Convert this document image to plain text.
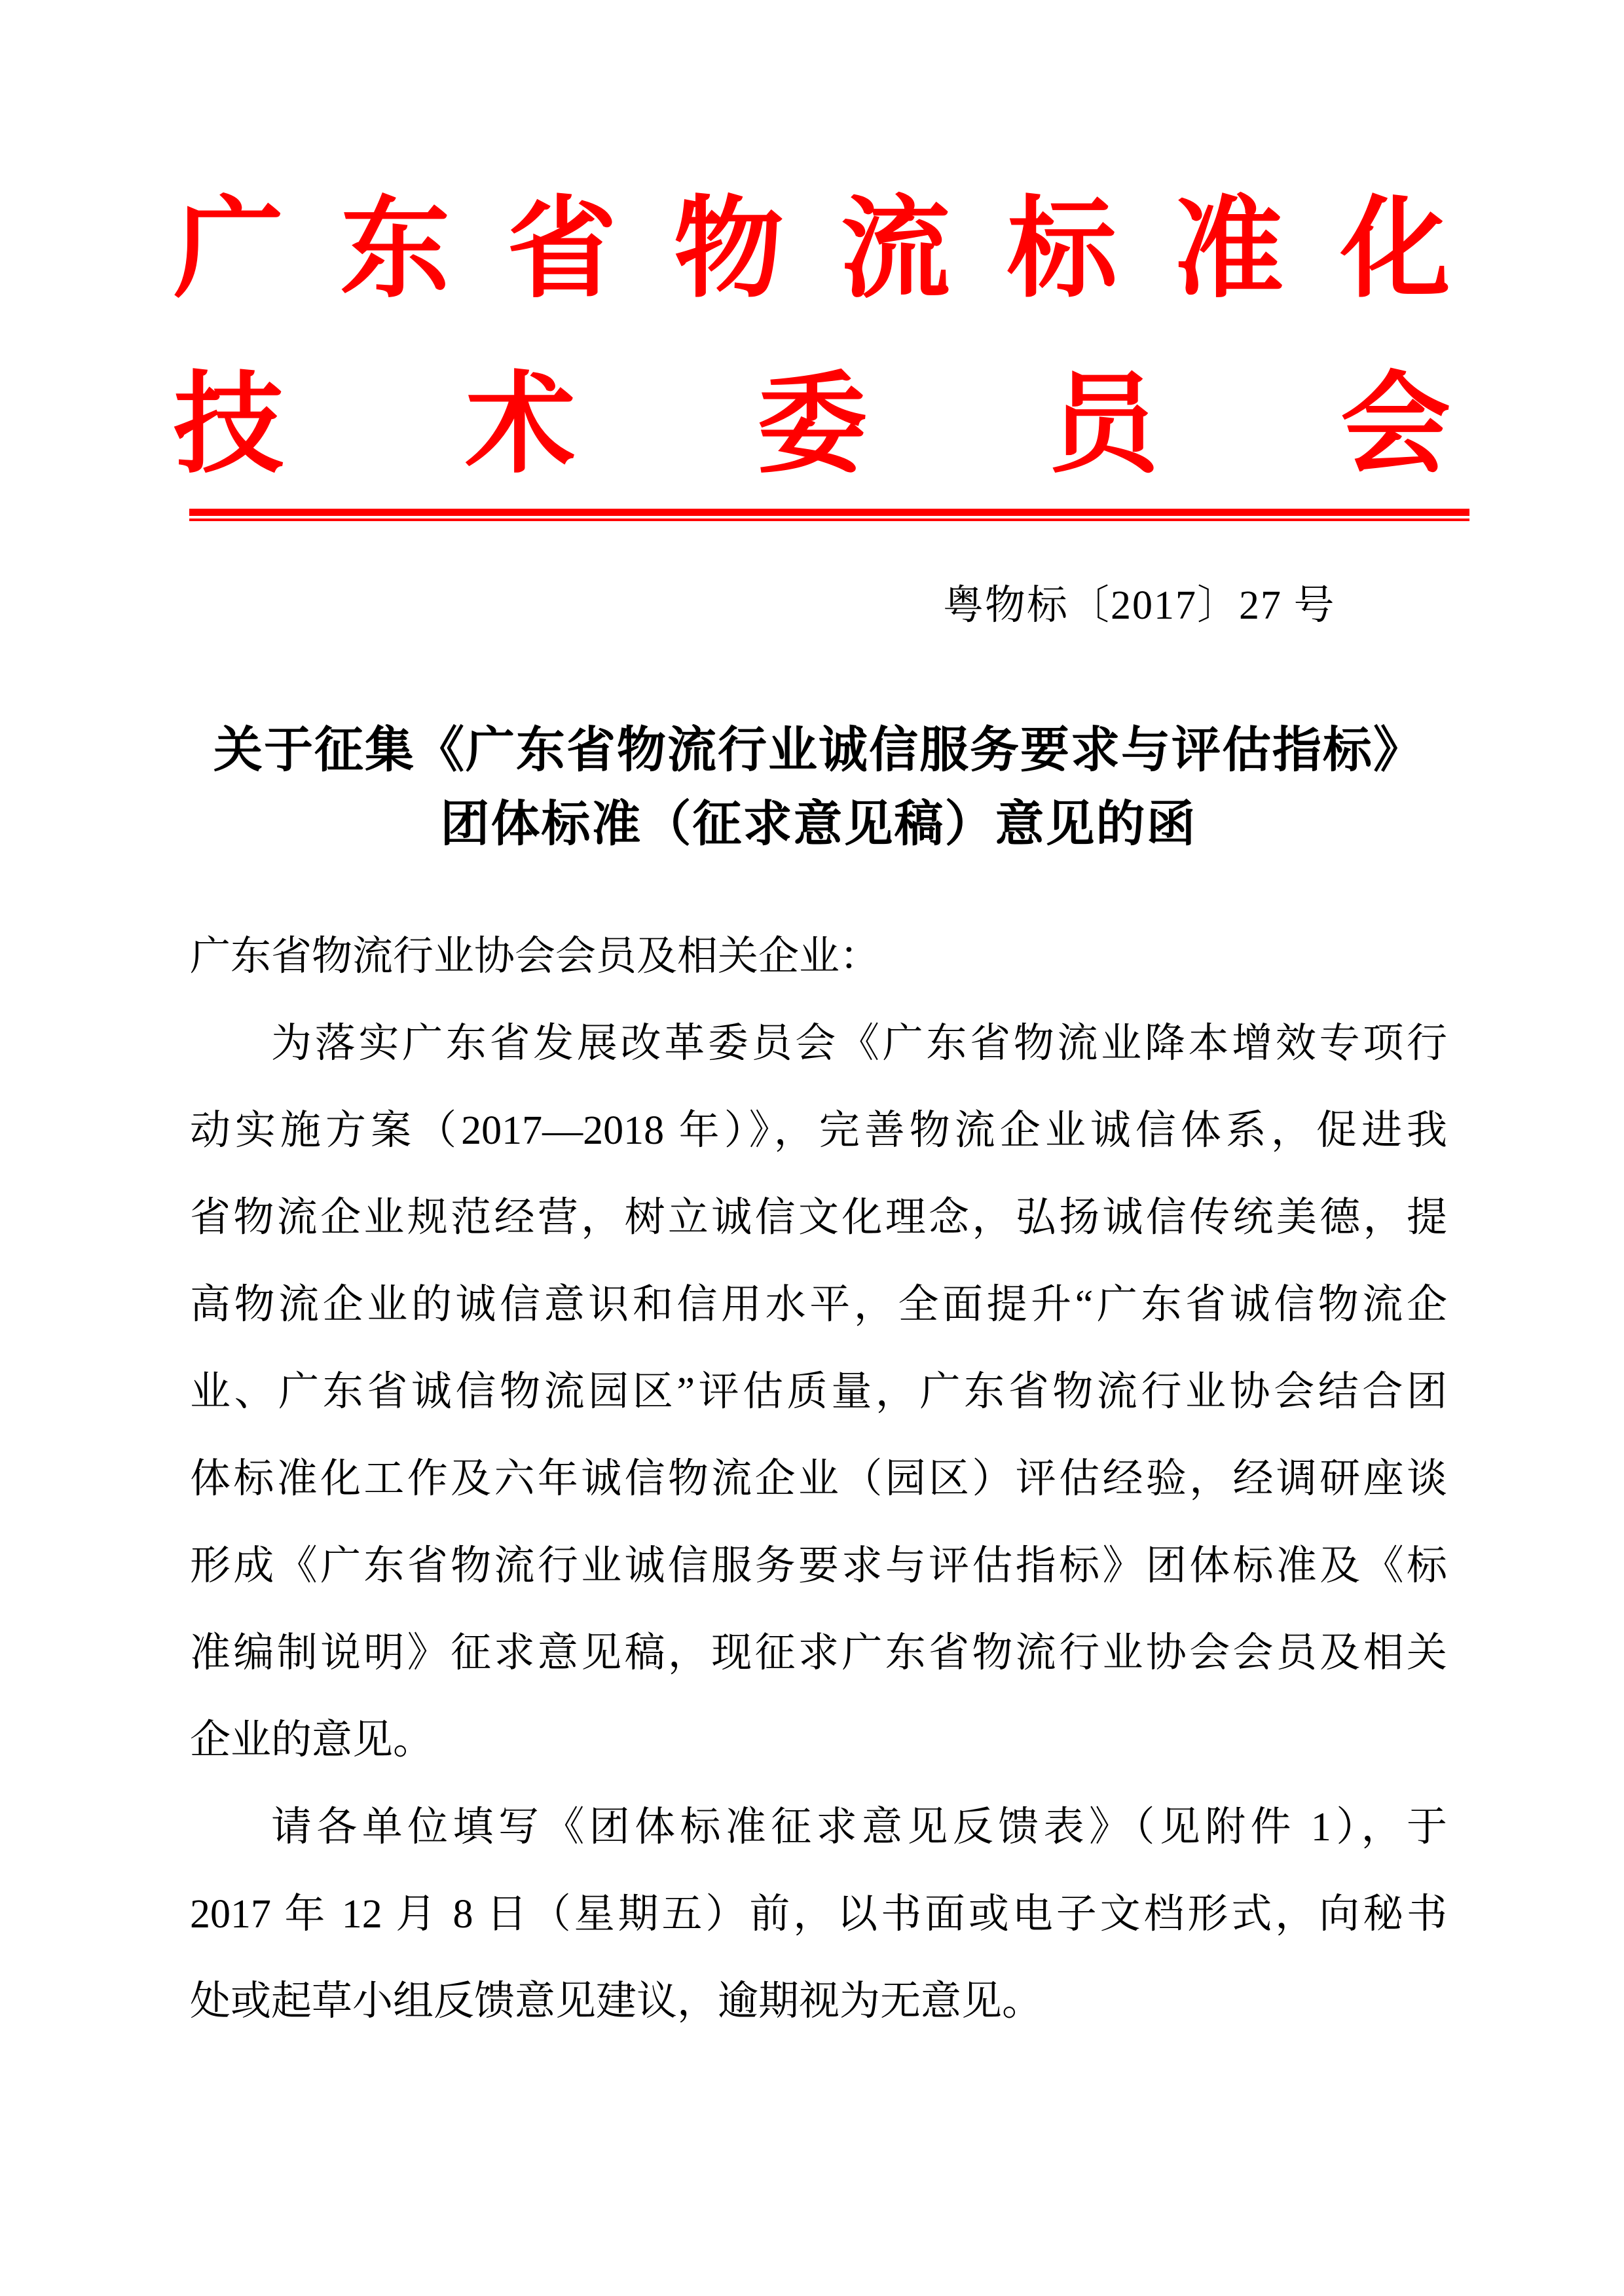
广 东 省 物 流 标 准 化
技 术 委 员 会
粤物标〔2017〕27 号
关于征集《广东省物流行业诚信服务要求与评估指标》
团体标准（征求意见稿）意见的函
广东省物流行业协会会员及相关企业：
为落实广东省发展改革委员会《广东省物流业降本增效专项行
动实施方案（2017—2018 年）》，完善物流企业诚信体系，促进我
省物流企业规范经营，树立诚信文化理念，弘扬诚信传统美德，提
高物流企业的诚信意识和信用水平，全面提升“广东省诚信物流企
业、广东省诚信物流园区”评估质量，广东省物流行业协会结合团
体标准化工作及六年诚信物流企业（园区）评估经验，经调研座谈
形成《广东省物流行业诚信服务要求与评估指标》团体标准及《标
准编制说明》征求意见稿，现征求广东省物流行业协会会员及相关
企业的意见。
请各单位填写《团体标准征求意见反馈表》（见附件 1），于
2017 年 12 月 8 日（星期五）前，以书面或电子文档形式，向秘书
处或起草小组反馈意见建议，逾期视为无意见。
